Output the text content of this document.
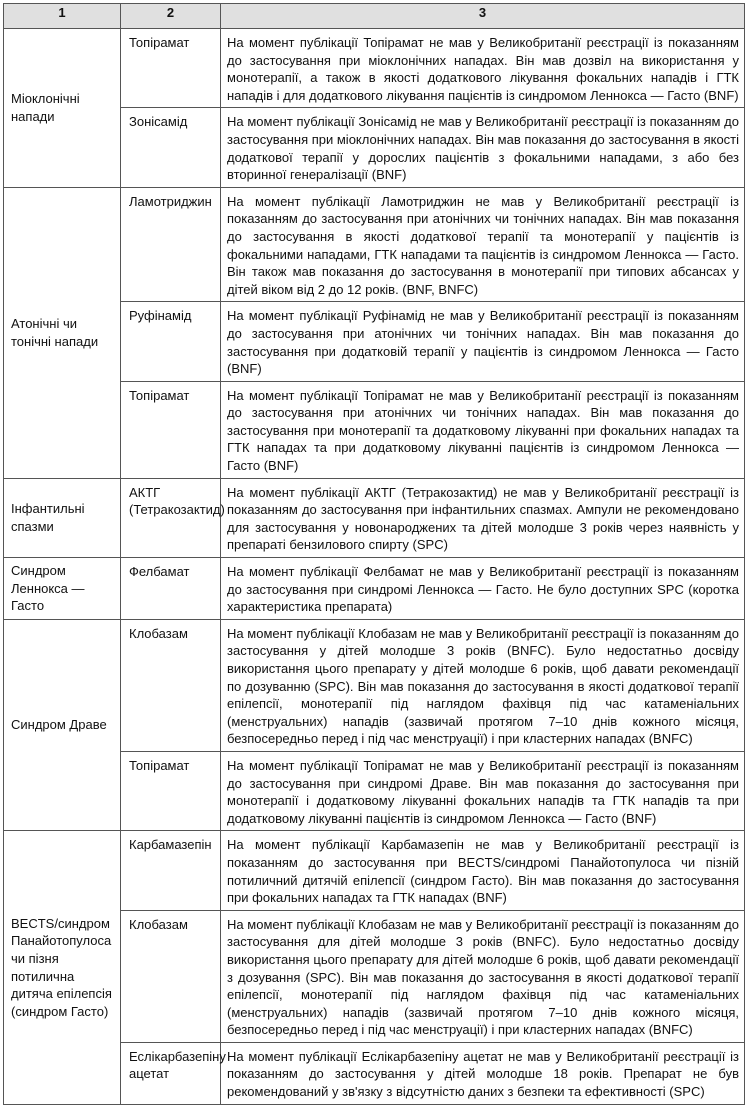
1	2	3
Міоклонічні напади	Топірамат	На момент публікації Топірамат не мав у Великобританії реєстрації із показанням до застосування при міоклонічних нападах. Він мав дозвіл на використання у монотерапії, а також в якості додаткового лікування фокальних нападів і ГТК нападів і для додаткового лікування пацієнтів із синдромом Леннокса — Гасто (BNF)
	Зонісамід	На момент публікації Зонісамід не мав у Великобританії реєстрації із показанням до застосування при міоклонічних нападах. Він мав показання до застосування в якості додаткової терапії у дорослих пацієнтів з фокальними нападами, з або без вторинної генералізації (BNF)
Атонічні чи тонічні напади	Ламотриджин	На момент публікації Ламотриджин не мав у Великобританії реєстрації із показанням до застосування при атонічних чи тонічних нападах. Він мав показання до застосування в якості додаткової терапії та монотерапії у пацієнтів із фокальними нападами, ГТК нападами та пацієнтів із синдромом Леннокса — Гасто. Він також мав показання до застосування в монотерапії при типових абсансах у дітей віком від 2 до 12 років. (BNF, BNFC)
	Руфінамід	На момент публікації Руфінамід не мав у Великобританії реєстрації із показанням до застосування при атонічних чи тонічних нападах. Він мав показання до застосування при додатковій терапії у пацієнтів із синдромом Леннокса — Гасто (BNF)
	Топірамат	На момент публікації Топірамат не мав у Великобританії реєстрації із показанням до застосування при атонічних чи тонічних нападах. Він мав показання до застосування при монотерапії та додатковому лікуванні при фокальних нападах та ГТК нападах та при додатковому лікуванні пацієнтів із синдромом Леннокса — Гасто (BNF)
Інфантильні спазми	АКТГ (Тетракозактид)	На момент публікації АКТГ (Тетракозактид) не мав у Великобританії реєстрації із показанням до застосування при інфантильних спазмах. Ампули не рекомендовано для застосування у новонароджених та дітей молодше 3 років через наявність у препараті бензилового спирту (SPC)
Синдром Леннокса — Гасто	Фелбамат	На момент публікації Фелбамат не мав у Великобританії реєстрації із показанням до застосування при синдромі Леннокса — Гасто. Не було доступних SPC (коротка характеристика препарата)
Синдром Драве	Клобазам	На момент публікації Клобазам не мав у Великобританії реєстрації із показанням до застосування у дітей молодше 3 років (BNFC). Було недостатньо досвіду використання цього препарату у дітей молодше 6 років, щоб давати рекомендації по дозуванню (SPC). Він мав показання до застосування в якості додаткової терапії епілепсії, монотерапії під наглядом фахівця під час катаменіальних (менструальних) нападів (зазвичай протягом 7–10 днів кожного місяця, безпосередньо перед і під час менструації) і при кластерних нападах (BNFC)
	Топірамат	На момент публікації Топірамат не мав у Великобританії реєстрації із показанням до застосування при синдромі Драве. Він мав показання до застосування при монотерапії і додатковому лікуванні фокальних нападів та ГТК нападів та при додатковому лікуванні пацієнтів із синдромом Леннокса — Гасто (BNF)
BECTS/синдром Панайотопулоса чи пізня потилична дитяча епілепсія (синдром Гасто)	Карбамазепін	На момент публікації Карбамазепін не мав у Великобританії реєстрації із показанням до застосування при BECTS/синдромі Панайотопулоса чи пізній потиличний дитячій епілепсії (синдром Гасто). Він мав показання до застосування при фокальних нападах та ГТК нападах (BNF)
	Клобазам	На момент публікації Клобазам не мав у Великобританії реєстрації із показанням до застосування для дітей молодше 3 років (BNFC). Було недостатньо досвіду використання цього препарату для дітей молодше 6 років, щоб давати рекомендації з дозування (SPC). Він мав показання до застосування в якості додаткової терапії епілепсії, монотерапії під наглядом фахівця під час катаменіальних (менструальних) нападів (зазвичай протягом 7–10 днів кожного місяця, безпосередньо перед і під час менструації) і при кластерних нападах (BNFC)
	Еслікарбазепіну ацетат	На момент публікації Еслікарбазепіну ацетат не мав у Великобританії реєстрації із показанням до застосування у дітей молодше 18 років. Препарат не був рекомендований у зв'язку з відсутністю даних з безпеки та ефективності (SPC)
